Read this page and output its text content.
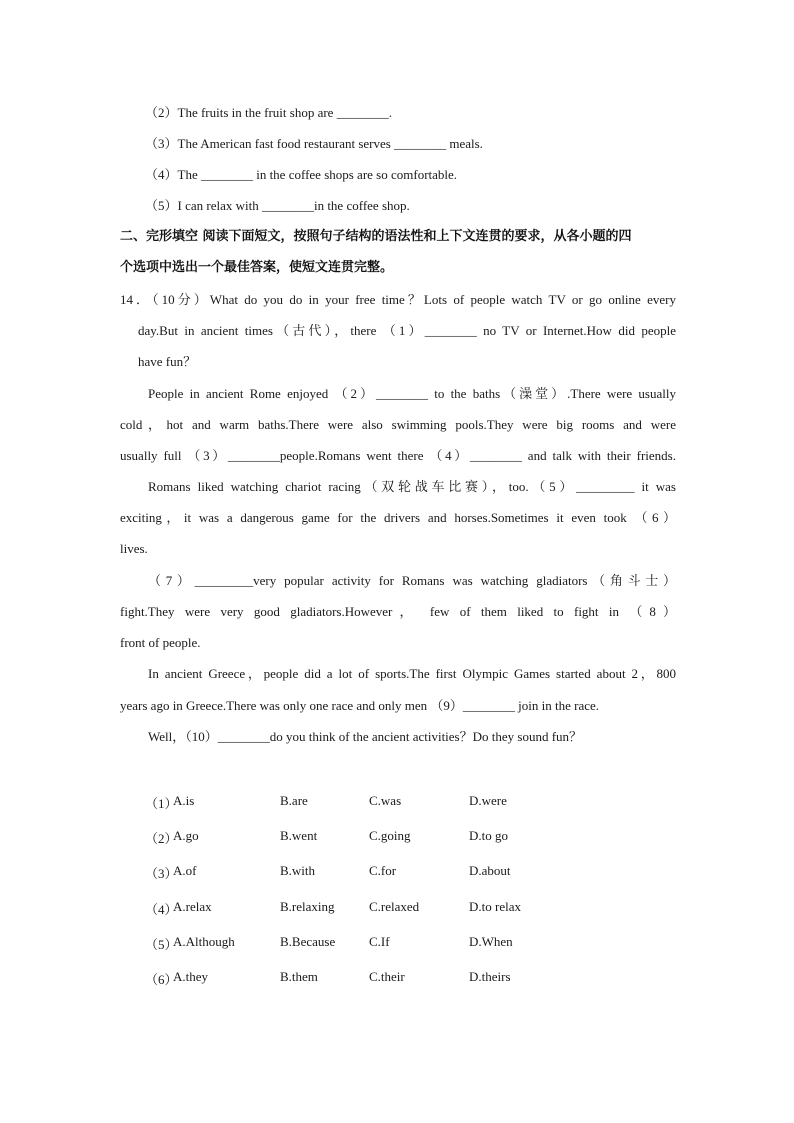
（2）The fruits in the fruit shop are ________.
（3）The American fast food restaurant serves ________ meals.
（4）The ________ in the coffee shops are so comfortable.
（5）I can relax with ________in the coffee shop.
二、完形填空 阅读下面短文，按照句子结构的语法性和上下文连贯的要求，从各小题的四
个选项中选出一个最佳答案，使短文连贯完整。
14．（10分）What do you do in your free time？Lots of people watch TV or go online every
day.But in ancient times（古代），there （1）________ no TV or Internet.How did people
have fun？
People in ancient Rome enjoyed （2）________ to the baths（澡堂）.There were usually
cold，hot and warm baths.There were also swimming pools.They were big rooms and were
usually full （3）________people.Romans went there （4）________ and talk with their friends.
Romans liked watching chariot racing（双轮战车比赛），too.（5）_________ it was
exciting，it was a dangerous game for the drivers and horses.Sometimes it even took （6）
lives.
（7）_________very popular activity for Romans was watching gladiators（角斗士）
fight.They were very good gladiators.However， few of them liked to fight in （8）
front of people.
In ancient Greece，people did a lot of sports.The first Olympic Games started about 2，800
years ago in Greece.There was only one race and only men （9）________ join in the race.
Well，（10）________do you think of the ancient activities？Do they sound fun？
（1）
A.is	B.are	C.was	D.were
（2）
A.go	B.went	C.going	D.to go
（3）
A.of	B.with	C.for	D.about
（4）
A.relax	B.relaxing	C.relaxed	D.to relax
（5）
A.Although	B.Because	C.If	D.When
（6）
A.they	B.them	C.their	D.theirs
